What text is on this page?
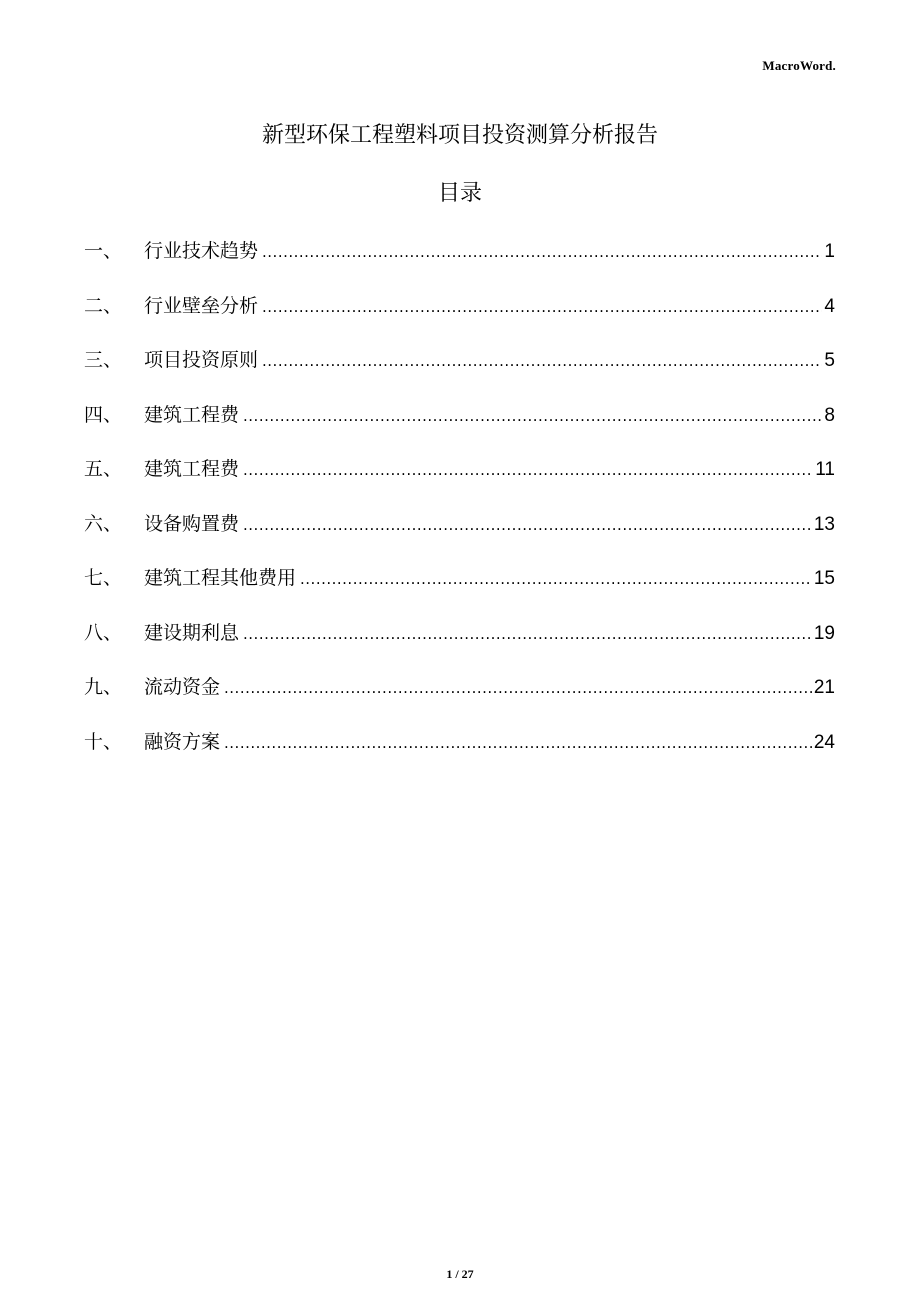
MacroWord.
新型环保工程塑料项目投资测算分析报告
目录
一、	行业技术趋势 .....	1
二、	行业壁垒分析 .....	4
三、	项目投资原则 .....	5
四、	建筑工程费 .....	8
五、	建筑工程费 .....	11
六、	设备购置费 .....	13
七、	建筑工程其他费用 .....	15
八、	建设期利息 .....	19
九、	流动资金 .....	21
十、	融资方案 .....	24
1 / 27
